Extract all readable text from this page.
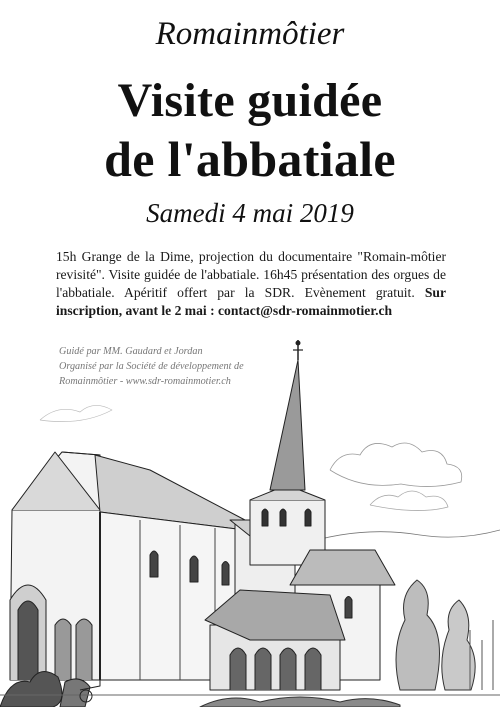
Romainmôtier
Visite guidée
de l'abbatiale
Samedi 4 mai 2019
15h Grange de la Dime, projection du documentaire "Romain-môtier revisité". Visite guidée de l'abbatiale. 16h45 présentation des orgues de l'abbatiale. Apéritif offert par la SDR. Evènement gratuit. Sur inscription, avant le 2 mai : contact@sdr-romainmotier.ch
Guidé par MM. Gaudard et Jordan
Organisé par la Société de développement de
Romainmôtier - www.sdr-romainmotier.ch
